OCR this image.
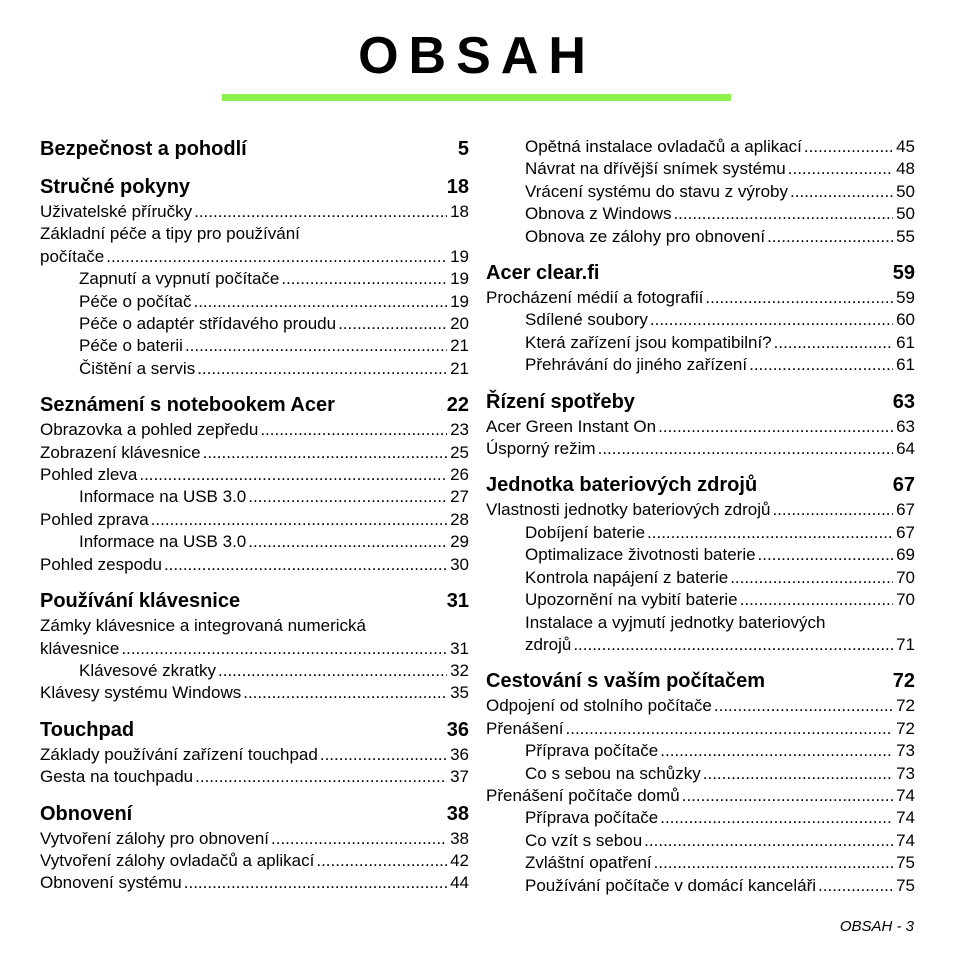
OBSAH
Bezpečnost a pohodlí	5
Stručné pokyny	18
Uživatelské příručky .....	18
Základní péče a tipy pro používání
počítače .....	19
Zapnutí a vypnutí počítače .....	19
Péče o počítač .....	19
Péče o adaptér střídavého proudu .....	20
Péče o baterii .....	21
Čištění a servis .....	21
Seznámení s notebookem Acer	22
Obrazovka a pohled zepředu .....	23
Zobrazení klávesnice .....	25
Pohled zleva .....	26
Informace na USB 3.0 .....	27
Pohled zprava .....	28
Informace na USB 3.0 .....	29
Pohled zespodu .....	30
Používání klávesnice	31
Zámky klávesnice a integrovaná numerická
klávesnice .....	31
Klávesové zkratky .....	32
Klávesy systému Windows .....	35
Touchpad	36
Základy používání zařízení touchpad .....	36
Gesta na touchpadu .....	37
Obnovení	38
Vytvoření zálohy pro obnovení .....	38
Vytvoření zálohy ovladačů a aplikací .....	42
Obnovení systému .....	44
Opětná instalace ovladačů a aplikací .....	45
Návrat na dřívější snímek systému .....	48
Vrácení systému do stavu z výroby .....	50
Obnova z Windows .....	50
Obnova ze zálohy pro obnovení .....	55
Acer clear.fi	59
Procházení médií a fotografií .....	59
Sdílené soubory .....	60
Která zařízení jsou kompatibilní? .....	61
Přehrávání do jiného zařízení .....	61
Řízení spotřeby	63
Acer Green Instant On .....	63
Úsporný režim .....	64
Jednotka bateriových zdrojů	67
Vlastnosti jednotky bateriových zdrojů .....	67
Dobíjení baterie .....	67
Optimalizace životnosti baterie .....	69
Kontrola napájení z baterie .....	70
Upozornění na vybití baterie .....	70
Instalace a vyjmutí jednotky bateriových
zdrojů .....	71
Cestování s vaším počítačem	72
Odpojení od stolního počítače .....	72
Přenášení .....	72
Příprava počítače .....	73
Co s sebou na schůzky .....	73
Přenášení počítače domů .....	74
Příprava počítače .....	74
Co vzít s sebou .....	74
Zvláštní opatření .....	75
Používání počítače v domácí kanceláři .....	75
OBSAH - 3
